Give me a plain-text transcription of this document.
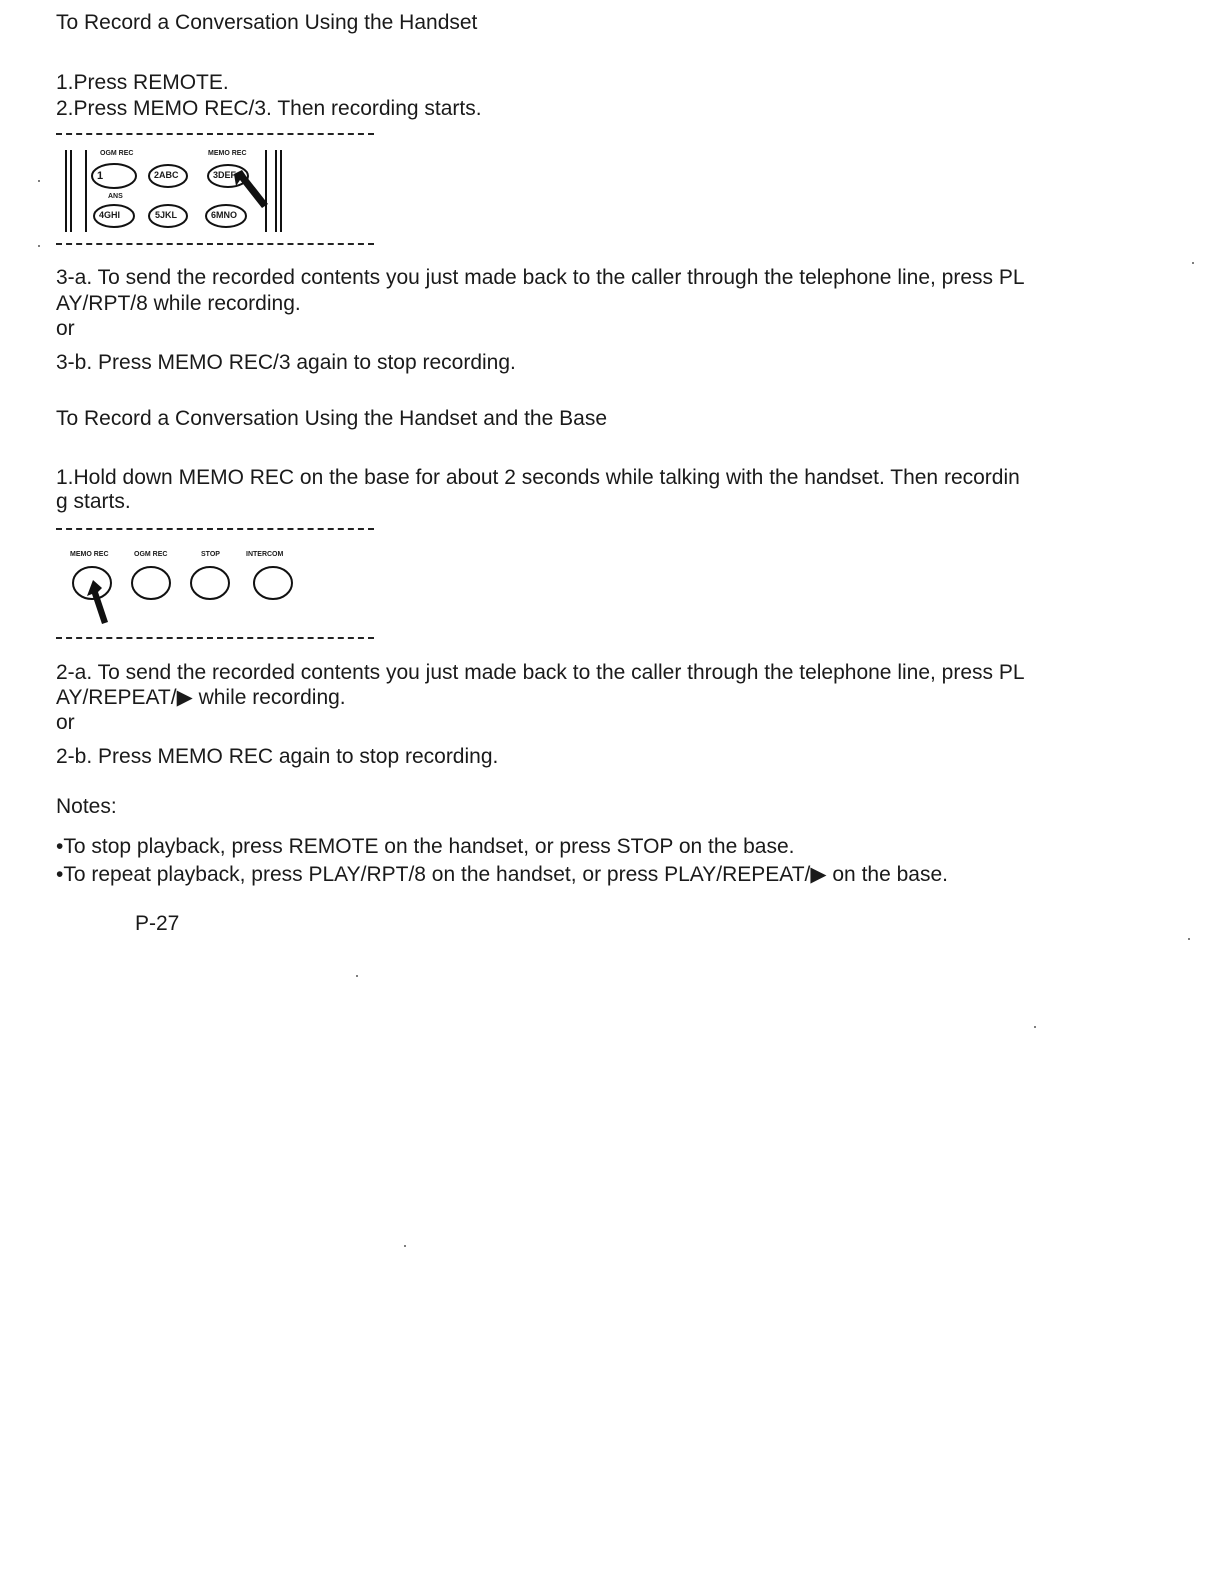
To Record a Conversation Using the Handset
1.Press REMOTE.
2.Press MEMO REC/3. Then recording starts.
OGM REC	MEMO REC
ANS
1	2ABC	3DEF
4GHI	5JKL	6MNO
3-a. To send the recorded contents you just made back to the caller through the telephone line, press PL
AY/RPT/8 while recording.
or
3-b. Press MEMO REC/3 again to stop recording.
To Record a Conversation Using the Handset and the Base
1.Hold down MEMO REC on the base for about 2 seconds while talking with the handset. Then recordin
g starts.
MEMO REC	OGM REC	STOP	INTERCOM
2-a. To send the recorded contents you just made back to the caller through the telephone line, press PL
AY/REPEAT/▶ while recording.
or
2-b. Press MEMO REC again to stop recording.
Notes:
•To stop playback, press REMOTE on the handset, or press STOP on the base.
•To repeat playback, press PLAY/RPT/8 on the handset, or press PLAY/REPEAT/▶ on the base.
P-27
